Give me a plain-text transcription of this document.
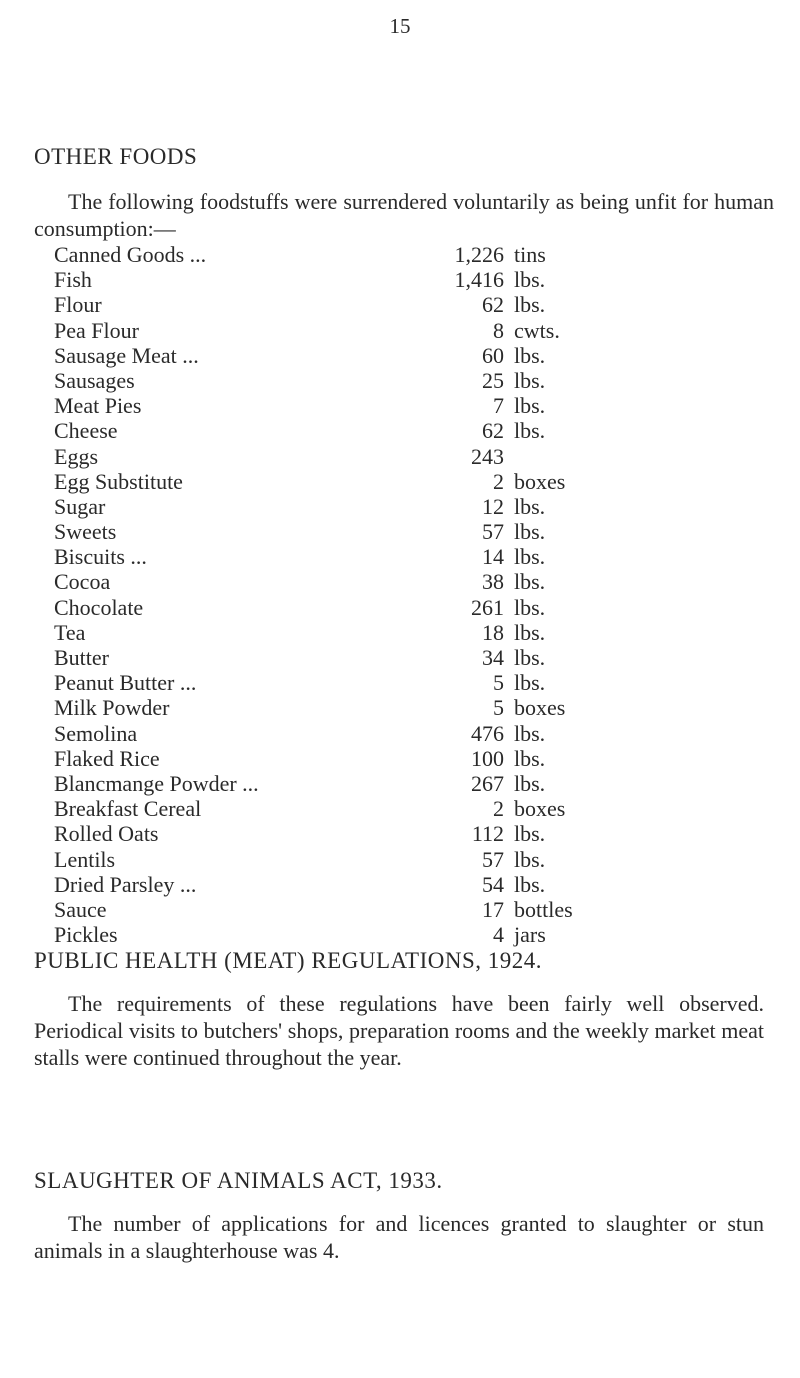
15
OTHER FOODS
The following foodstuffs were surrendered voluntarily as being unfit for human consumption:—
Canned Goods ...	1,226 tins
Fish	1,416 lbs.
Flour	62 lbs.
Pea Flour	8 cwts.
Sausage Meat ...	60 lbs.
Sausages	25 lbs.
Meat Pies	7 lbs.
Cheese	62 lbs.
Eggs	243
Egg Substitute	2 boxes
Sugar	12 lbs.
Sweets	57 lbs.
Biscuits ...	14 lbs.
Cocoa	38 lbs.
Chocolate	261 lbs.
Tea	18 lbs.
Butter	34 lbs.
Peanut Butter ...	5 lbs.
Milk Powder	5 boxes
Semolina	476 lbs.
Flaked Rice	100 lbs.
Blancmange Powder ...	267 lbs.
Breakfast Cereal	2 boxes
Rolled Oats	112 lbs.
Lentils	57 lbs.
Dried Parsley ...	54 lbs.
Sauce	17 bottles
Pickles	4 jars
PUBLIC HEALTH (MEAT) REGULATIONS, 1924.
The requirements of these regulations have been fairly well observed. Periodical visits to butchers' shops, preparation rooms and the weekly market meat stalls were continued throughout the year.
SLAUGHTER OF ANIMALS ACT, 1933.
The number of applications for and licences granted to slaughter or stun animals in a slaughterhouse was 4.
